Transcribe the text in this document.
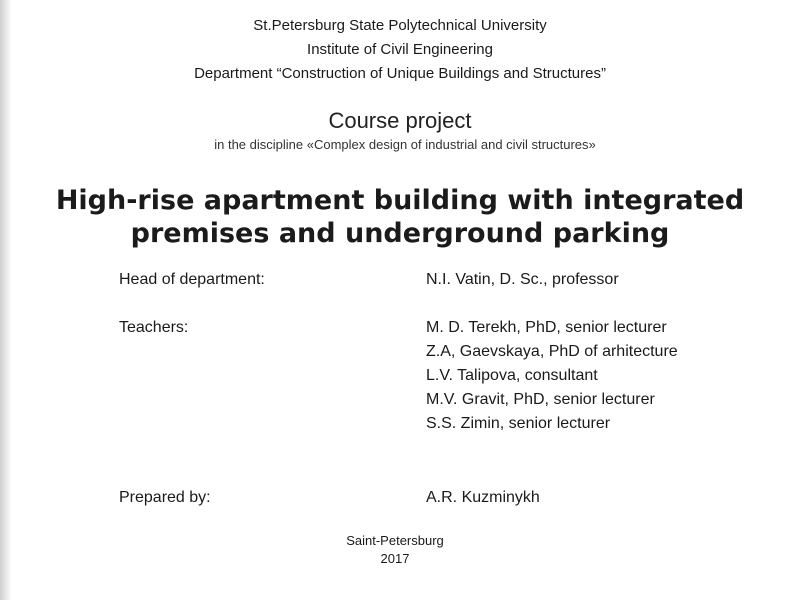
St.Petersburg State Polytechnical University
Institute of Civil Engineering
Department “Construction of Unique Buildings and Structures”
Course project
in the discipline «Complex design of industrial and civil structures»
High-rise apartment building with integrated premises and underground parking
Head of department:	N.I. Vatin, D. Sc., professor
Teachers:	M. D. Terekh, PhD, senior lecturer
Z.A, Gaevskaya, PhD of arhitecture
L.V. Talipova, consultant
M.V. Gravit, PhD, senior lecturer
S.S. Zimin, senior lecturer
Prepared by:	A.R. Kuzminykh
Saint-Petersburg
2017
